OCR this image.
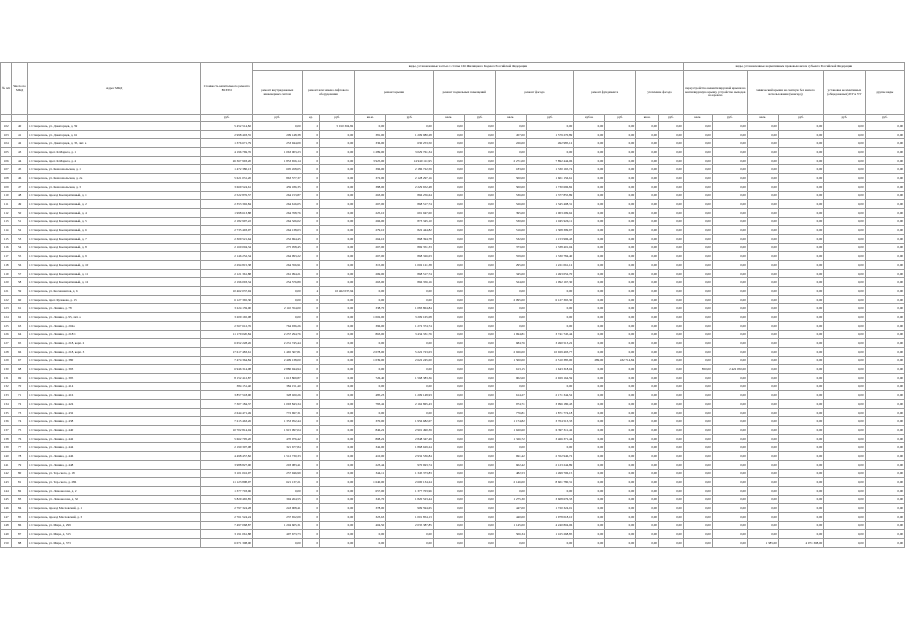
№ п/п	Число по МКД	Адрес МКД	Стоимость капитального ремонта ВСЕГО	виды, установленные частью 1 статьи 166 Жилищного Кодекса Российской Федерации													виды, установленные нормативным правовым актом субъекта Российской Федерации					
				ремонт внутридомовых инженерных систем	ремонт или замена лифтового оборудования		ремонт крыши		ремонт подвальных помещений		ремонт фасада		ремонт фундамента		утепление фасада		переустройство невентилируемой крыши на вентилируемую крышу, устройство выходов на кровлю		химический крыши на скатную без жилого использования (мансард)		установка коллективных (общедомовых) ПУ и УУ	другие виды
			руб.	руб.	ед.	руб.	кв.м.	руб.	кв.м.	руб.	кв.м.	руб.	куб.м.	руб.	кв.м.	руб.	кв.м.	руб.	кв.м.	руб.	руб.	руб.
102	40	г. Ставрополь, ул. Доваторцев, д. 59	5 452 514,82	0,00	2	5 010 304,82	0,00	0,00	0,00	0,00	0,00	0,00	0,00	0,00	0,00	0,00	0,00	0,00	0,00	0,00	0,00	0,00
103	41	г. Ставрополь, ул. Доваторцев, д. 61	2 998 403,55	209 148,38	0	0,00	381,00	1 209 980,28	0,00	0,00	457,00	1 579 270,89	0,00	0,00	0,00	0,00	0,00	0,00	0,00	0,00	0,00	0,00
104	42	г. Ставрополь, ул. Доваторцев, д. 35, лит. а	1 376 671,79	253 944,09	0	0,00	336,00	630 253,50	0,00	0,00	226,00	492 985,12	0,00	0,00	0,00	0,00	0,00	0,00	0,00	0,00	0,00	0,00
105	43	г. Ставрополь, прот. К.Маркса, д. 1	4 196 769,76	1 063 003,23	0	0,00	1 289,00	3 029 761,34	0,00	0,00	0,00	0,00	0,00	0,00	0,00	0,00	0,00	0,00	0,00	0,00	0,00	0,00
106	44	г. Ставрополь, прот. К.Маркса, д. 4	26 367 993,20	1 853 656,14	0	0,00	3 925,00	14 940 111,95	0,00	0,00	2 271,00	7 892 444,06	0,00	0,00	0,00	0,00	0,00	0,00	0,00	0,00	0,00	0,00
107	45	г. Ставрополь, ул. Комсомольская, д. 1	1 472 380,13	605 458,05	0	0,00	396,00	2 186 722,59	0,00	0,00	183,00	1 330 165,74	0,00	0,00	0,00	0,00	0,00	0,00	0,00	0,00	0,00	0,00
108	46	г. Ставрополь, ул. Комсомольская, д. 2а	5 621 031,20	863 577,37	0	0,00	372,00	2 128 297,16	0,00	0,00	500,00	1 601 156,61	0,00	0,00	0,00	0,00	0,00	0,00	0,00	0,00	0,00	0,00
109	47	г. Ставрополь, ул. Комсомольская, д. 3	3 669 524,61	459 186,35	0	0,00	388,00	2 229 652,48	0,00	0,00	500,00	1 730 696,82	0,00	0,00	0,00	0,00	0,00	0,00	0,00	0,00	0,00	0,00
110	48	г. Ставрополь, проезд Кооперативный, д. 1	2 522 876,57	264 153,87	0	0,00	263,00	866 256,64	0,00	0,00	536,00	1 377 855,89	0,00	0,00	0,00	0,00	0,00	0,00	0,00	0,00	0,00	0,00
111	49	г. Ставрополь, проезд Кооперативный, д. 2	2 353 392,84	264 616,05	0	0,00	267,00	868 517,74	0,00	0,00	526,00	1 345 408,31	0,00	0,00	0,00	0,00	0,00	0,00	0,00	0,00	0,00	0,00
112	50	г. Ставрополь, проезд Кооперативный, д. 4	1 998 613,88	264 768,76	0	0,00	225,10	691 947,00	0,00	0,00	395,00	1 003 299,62	0,00	0,00	0,00	0,00	0,00	0,00	0,00	0,00	0,00	0,00
113	51	г. Ставрополь, проезд Кооперативный, д. 5	2 182 997,22	264 326,02	0	0,00	266,00	873 345,10	0,00	0,00	530,00	1 045 926,11	0,00	0,00	0,00	0,00	0,00	0,00	0,00	0,00	0,00	0,00
114	52	г. Ставрополь, проезд Кооперативный, д. 6	2 735 493,97	264 138,03	0	0,00	279,10	822 444,82	0,00	0,00	516,00	1 308 399,97	0,00	0,00	0,00	0,00	0,00	0,00	0,00	0,00	0,00	0,00
115	53	г. Ставрополь, проезд Кооперативный, д. 7	2 309 521,64	252 694,45	0	0,00	264,10	868 394,78	0,00	0,00	532,00	1 153 996,43	0,00	0,00	0,00	0,00	0,00	0,00	0,00	0,00	0,00	0,00
116	54	г. Ставрополь, проезд Кооперативный, д. 8	2 160 004,34	275 058,45	0	0,00	267,00	869 351,33	0,00	0,00	373,00	1 338 401,04	0,00	0,00	0,00	0,00	0,00	0,00	0,00	0,00	0,00	0,00
117	55	г. Ставрополь, проезд Кооперативный, д. 9	2 146 252,34	264 993,22	0	0,00	267,00	868 326,03	0,00	0,00	559,00	1 330 784,40	0,00	0,00	0,00	0,00	0,00	0,00	0,00	0,00	0,00	0,00
118	56	г. Ставрополь, проезд Кооперативный, д. 10	2 294 815,38	264 356,91	0	0,00	315,00	1 002 121,38	0,00	0,00	295,00	1 221 061,12	0,00	0,00	0,00	0,00	0,00	0,00	0,00	0,00	0,00	0,00
119	57	г. Ставрополь, проезд Кооперативный, д. 11	2 121 361,88	261 094,21	0	0,00	269,00	868 517,74	0,00	0,00	345,00	1 493 052,70	0,00	0,00	0,00	0,00	0,00	0,00	0,00	0,00	0,00	0,00
120	58	г. Ставрополь, проезд Кооперативный, д. 12	2 196 093,34	254 576,89	0	0,00	263,00	866 356,16	0,00	0,00	524,00	1 092 167,30	0,00	0,00	0,00	0,00	0,00	0,00	0,00	0,00	0,00	0,00
121	59	г. Ставрополь, ул. Космонавтов, д. 6	10 462 037,94	0,00	4	10 462 037,94	0,00	0,00	0,00	0,00	0,00	0,00	0,00	0,00	0,00	0,00	0,00	0,00	0,00	0,00	0,00	0,00
122	60	г. Ставрополь, прот. Кулакова, д. 15	6 127 365,30	0,00	0	0,00	0,00	0,00	0,00	0,00	2 095,00	6 127 365,30	0,00	0,00	0,00	0,00	0,00	0,00	0,00	0,00	0,00	0,00
123	61	г. Ставрополь, ул. Ленина, д. 78	3 224 159,00	2 110 354,00	0	0,00	338,70	1 083 804,84	0,00	0,00	0,00	0,00	0,00	0,00	0,00	0,00	0,00	0,00	0,00	0,00	0,00	0,00
124	62	г. Ставрополь, ул. Ленина, д. 95, лит. а	3 209 165,08	0,00	0	0,00	1 002,00	3 209 165,08	0,00	0,00	0,00	0,00	0,00	0,00	0,00	0,00	0,00	0,00	0,00	0,00	0,00	0,00
125	63	г. Ставрополь, ул. Ленина, д. 204а	2 567 612,76	764 936,26	0	0,00	396,00	1 272 374,74	0,00	0,00	0,00	0,00	0,00	0,00	0,00	0,00	0,00	0,00	0,00	0,00	0,00	0,00
126	64	г. Ставрополь, ул. Ленина, д. 218/1	11 179 020,84	2 257 294,76	0	0,00	863,00	3 434 331,76	0,00	0,00	1 694,81	3 741 745,44	0,00	0,00	0,00	0,00	0,00	0,00	0,00	0,00	0,00	0,00
127	65	г. Ставрополь, ул. Ленина, д. 218, корп. 2	6 652 228,26	2 231 745,44	0	0,00	0,00	0,00	0,00	0,00	684,76	3 490 513,22	0,00	0,00	0,00	0,00	0,00	0,00	0,00	0,00	0,00	0,00
128	66	г. Ставрополь, ул. Ленина, д. 218, корп. 3	17 617 483,61	1 465 367,81	0	0,00	2 078,00	5 222 723,03	0,00	0,00	2 926,00	10 929 493,77	0,00	0,00	0,00	0,00	0,00	0,00	0,00	0,00	0,00	0,00
129	67	г. Ставрополь, ул. Ленина, д. 380	7 474 364,84	2 409 138,00	0	0,00	1 039,00	2 622 245,00	0,00	0,00	1 500,00	2 510 385,00	289,00	432 714,84	0,00	0,00	0,00	0,00	0,00	0,00	0,00	0,00
130	68	г. Ставрополь, ул. Ленина, д. 393	6 946 314,08	2 880 944,94	0	0,00	0,00	0,00	0,00	0,00	613,15	1 643 318,04	0,00	0,00	0,00	0,00	850,00	2 422 050,00	0,00	0,00	0,00	0,00
131	69	г. Ставрополь, ул. Ленина, д. 395	8 152 412,87	1 613 869,87	0	0,00	726,40	1 568 383,36	0,00	0,00	902,60	2 929 164,59	0,00	0,00	0,00	0,00	0,00	0,00	0,00	0,00	0,00	0,00
132	70	г. Ставрополь, ул. Ленина, д. 414	384 151,40	384 151,40	0	0,00	0,00	0,00	0,00	0,00	0,00	0,00	0,00	0,00	0,00	0,00	0,00	0,00	0,00	0,00	0,00	0,00
133	71	г. Ставрополь, ул. Ленина, д. 416	3 857 518,90	328 020,26	0	0,00	485,23	1 209 148,93	0,00	0,00	614,27	2 171 344,52	0,00	0,00	0,00	0,00	0,00	0,00	0,00	0,00	0,00	0,00
134	72	г. Ставрополь, ул. Ленина, д. 424	7 307 184,37	1 093 843,34	0	0,00	783,42	2 162 865,43	0,00	0,00	974,71	3 996 180,43	0,00	0,00	0,00	0,00	0,00	0,00	0,00	0,00	0,00	0,00
135	73	г. Ставрополь, ул. Ленина, д. 432	2 644 471,49	772 697,31	0	0,00	0,00	0,00	0,00	0,00	776,81	1 871 774,18	0,00	0,00	0,00	0,00	0,00	0,00	0,00	0,00	0,00	0,00
136	74	г. Ставрополь, ул. Ленина, д. 438	7 215 463,26	1 353 952,44	0	0,00	370,00	1 956 682,07	0,00	0,00	1 174,82	3 704 513,33	0,00	0,00	0,00	0,00	0,00	0,00	0,00	0,00	0,00	0,00
137	75	г. Ставрополь, ул. Ленина, д. 440	10 702 814,04	1 915 097,04	0	0,00	846,22	2 901 490,39	0,00	0,00	1 620,60	6 397 311,42	0,00	0,00	0,00	0,00	0,00	0,00	0,00	0,00	0,00	0,00
138	76	г. Ставрополь, ул. Ленина, д. 442	5 662 795,20	470 076,42	0	0,00	808,22	2 848 347,49	0,00	0,00	1 326,72	3 466 371,44	0,00	0,00	0,00	0,00	0,00	0,00	0,00	0,00	0,00	0,00
139	77	г. Ставрополь, ул. Ленина, д. 444	2 190 307,08	321 677,84	0	0,00	342,00	1 868 629,24	0,00	0,00	0,00	0,00	0,00	0,00	0,00	0,00	0,00	0,00	0,00	0,00	0,00	0,00
140	78	г. Ставрополь, ул. Ленина, д. 446	4 498 457,82	1 512 730,33	0	0,00	410,00	2 932 536,84	0,00	0,00	691,42	2 352 946,72	0,00	0,00	0,00	0,00	0,00	0,00	0,00	0,00	0,00	0,00
141	79	г. Ставрополь, ул. Ленина, д. 448	3 988 827,90	203 083,41	0	0,00	223,44	970 693,74	0,00	0,00	602,42	2 123 244,89	0,00	0,00	0,00	0,00	0,00	0,00	0,00	0,00	0,00	0,00
142	80	г. Ставрополь, ул. Тер-ского, д. 18	3 101 016,97	257 946,99	0	0,00	344,11	1 345 373,83	0,00	0,00	482,53	1 499 706,15	0,00	0,00	0,00	0,00	0,00	0,00	0,00	0,00	0,00	0,00
143	81	г. Ставрополь, ул. Тер-ского, д. 286	11 123 898,97	621 137,21	0	0,00	1 640,00	2 600 134,24	0,00	0,00	2 146,00	8 601 780,31	0,00	0,00	0,00	0,00	0,00	0,00	0,00	0,00	0,00	0,00
144	82	г. Ставрополь, ул. Ломоносова, д. 2	1 377 703,96	0,00	0	0,00	657,00	1 377 703,96	0,00	0,00	0,00	0,00	0,00	0,00	0,00	0,00	0,00	0,00	0,00	0,00	0,00	0,00
145	83	г. Ставрополь, ул. Ломоносова, д. 32	5 829 465,85	394 264,55	0	0,00	345,70	1 820 523,44	0,00	0,00	1 275,30	3 608 676,33	0,00	0,00	0,00	0,00	0,00	0,00	0,00	0,00	0,00	0,00
146	84	г. Ставрополь, проезд Масловский, д. 1	2 797 324,28	243 908,41	0	0,00	378,00	909 594,65	0,00	0,00	447,00	1 720 324,01	0,00	0,00	0,00	0,00	0,00	0,00	0,00	0,00	0,00	0,00
147	85	г. Ставрополь, проезд Масловский, д. 3	2 761 524,24	237 652,09	0	0,00	323,63	1 001 854,13	0,00	0,00	440,00	1 978 018,10	0,00	0,00	0,00	0,00	0,00	0,00	0,00	0,00	0,00	0,00
148	86	г. Ставрополь, ул. Мира, д. 299	7 497 068,87	1 204 605,31	0	0,00	404,50	2 035 387,85	0,00	0,00	1 145,00	4 240 804,06	0,00	0,00	0,00	0,00	0,00	0,00	0,00	0,00	0,00	0,00
149	87	г. Ставрополь, ул. Мира, д. 315	3 191 061,88	497 673,73	0	0,00	0,00	0,00	0,00	0,00	506,34	1 165 268,85	0,00	0,00	0,00	0,00	0,00	0,00	0,00	0,00	0,00	0,00
150	88	г. Ставрополь, ул. Мира, д. 373	6 071 308,00	0,00	0	0,00	0,00	0,00	0,00	0,00	0,00	0,00	0,00	0,00	0,00	0,00	0,00	0,00	1 385,00	4 071 308,00	0,00	0,00
